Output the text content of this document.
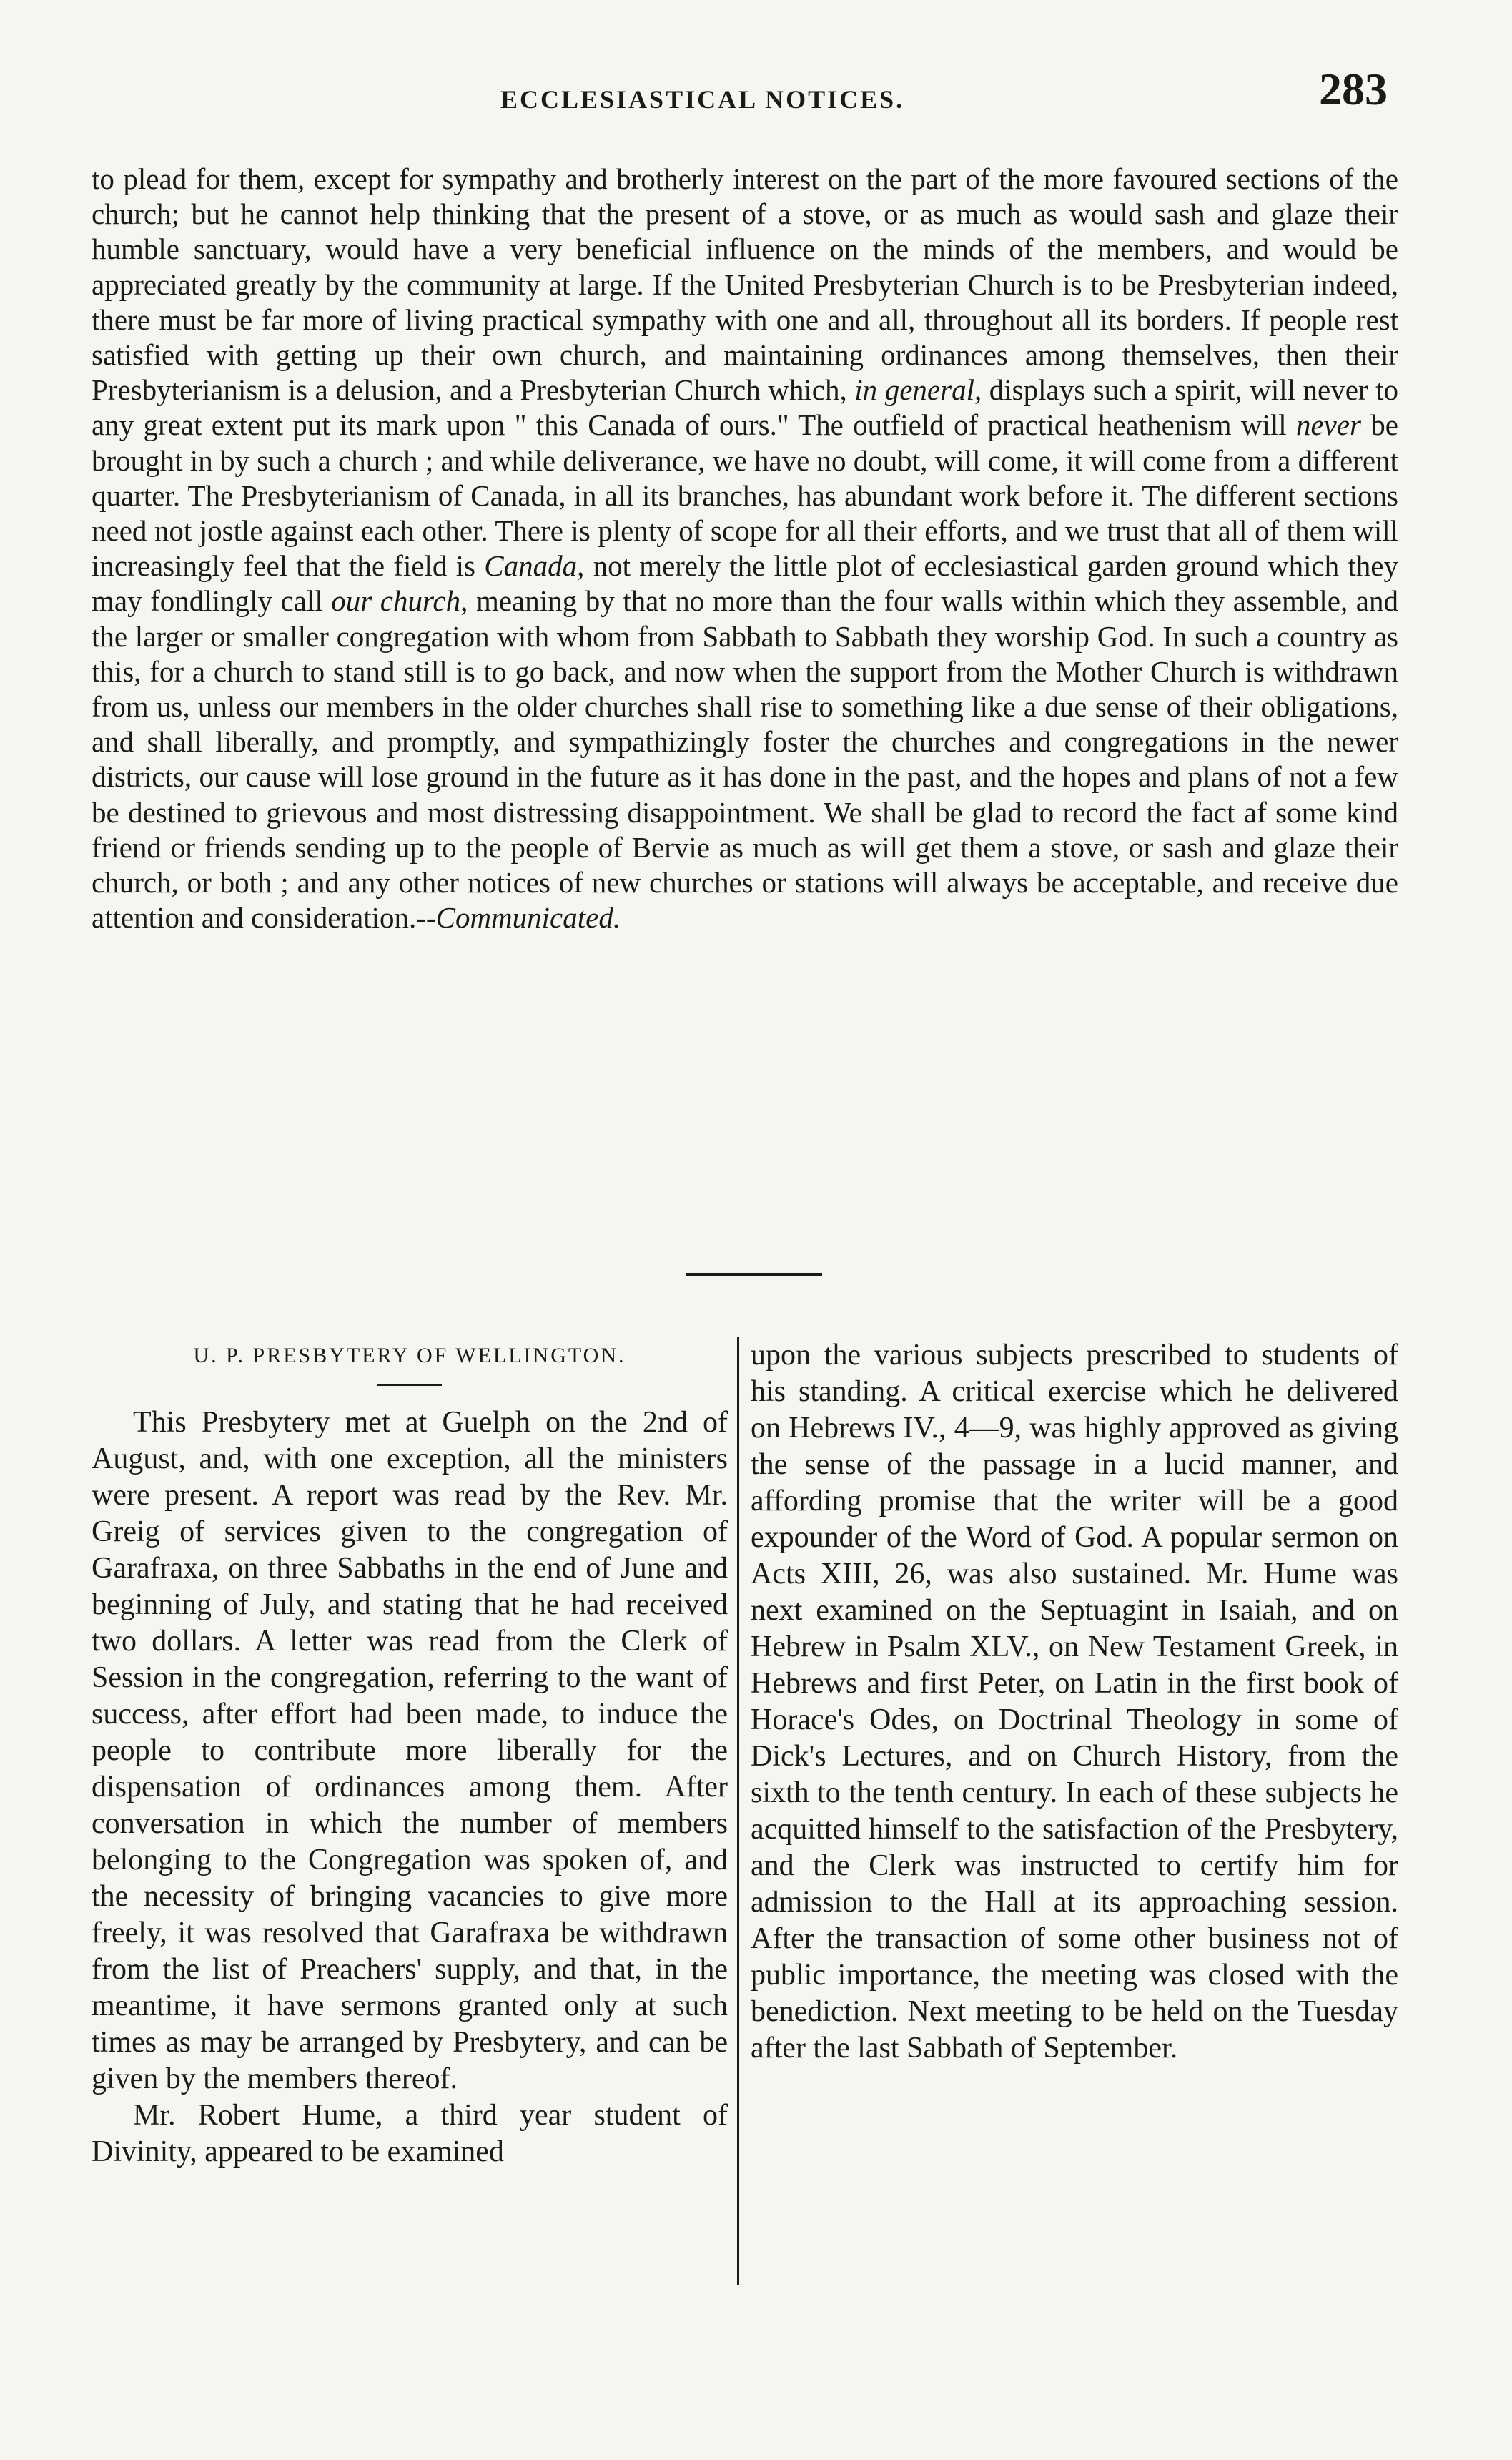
ECCLESIASTICAL NOTICES.	283

to plead for them, except for sympathy and brotherly interest on the part of the more favoured sections of the church; but he cannot help thinking that the present of a stove, or as much as would sash and glaze their humble sanctuary, would have a very beneficial influence on the minds of the members, and would be appreciated greatly by the community at large. If the United Presbyterian Church is to be Presbyterian indeed, there must be far more of living practical sympathy with one and all, throughout all its borders. If people rest satisfied with getting up their own church, and maintaining ordinances among themselves, then their Presbyterianism is a delusion, and a Presbyterian Church which, in general, displays such a spirit, will never to any great extent put its mark upon " this Canada of ours." The outfield of practical heathenism will never be brought in by such a church ; and while deliverance, we have no doubt, will come, it will come from a different quarter. The Presbyterianism of Canada, in all its branches, has abundant work before it. The different sections need not jostle against each other. There is plenty of scope for all their efforts, and we trust that all of them will increasingly feel that the field is Canada, not merely the little plot of ecclesiastical garden ground which they may fondlingly call our church, meaning by that no more than the four walls within which they assemble, and the larger or smaller congregation with whom from Sabbath to Sabbath they worship God. In such a country as this, for a church to stand still is to go back, and now when the support from the Mother Church is withdrawn from us, unless our members in the older churches shall rise to something like a due sense of their obligations, and shall liberally, and promptly, and sympathizingly foster the churches and congregations in the newer districts, our cause will lose ground in the future as it has done in the past, and the hopes and plans of not a few be destined to grievous and most distressing disappointment. We shall be glad to record the fact af some kind friend or friends sending up to the people of Bervie as much as will get them a stove, or sash and glaze their church, or both ; and any other notices of new churches or stations will always be acceptable, and receive due attention and consideration.--Communicated.

U. P. PRESBYTERY OF WELLINGTON.

This Presbytery met at Guelph on the 2nd of August, and, with one exception, all the ministers were present. A report was read by the Rev. Mr. Greig of services given to the congregation of Garafraxa, on three Sabbaths in the end of June and beginning of July, and stating that he had received two dollars. A letter was read from the Clerk of Session in the congregation, referring to the want of success, after effort had been made, to induce the people to contribute more liberally for the dispensation of ordinances among them. After conversation in which the number of members belonging to the Congregation was spoken of, and the necessity of bringing vacancies to give more freely, it was resolved that Garafraxa be withdrawn from the list of Preachers' supply, and that, in the meantime, it have sermons granted only at such times as may be arranged by Presbytery, and can be given by the members thereof.

Mr. Robert Hume, a third year student of Divinity, appeared to be examined

upon the various subjects prescribed to students of his standing. A critical exercise which he delivered on Hebrews IV., 4—9, was highly approved as giving the sense of the passage in a lucid manner, and affording promise that the writer will be a good expounder of the Word of God. A popular sermon on Acts XIII, 26, was also sustained. Mr. Hume was next examined on the Septuagint in Isaiah, and on Hebrew in Psalm XLV., on New Testament Greek, in Hebrews and first Peter, on Latin in the first book of Horace's Odes, on Doctrinal Theology in some of Dick's Lectures, and on Church History, from the sixth to the tenth century. In each of these subjects he acquitted himself to the satisfaction of the Presbytery, and the Clerk was instructed to certify him for admission to the Hall at its approaching session. After the transaction of some other business not of public importance, the meeting was closed with the benediction. Next meeting to be held on the Tuesday after the last Sabbath of September.
